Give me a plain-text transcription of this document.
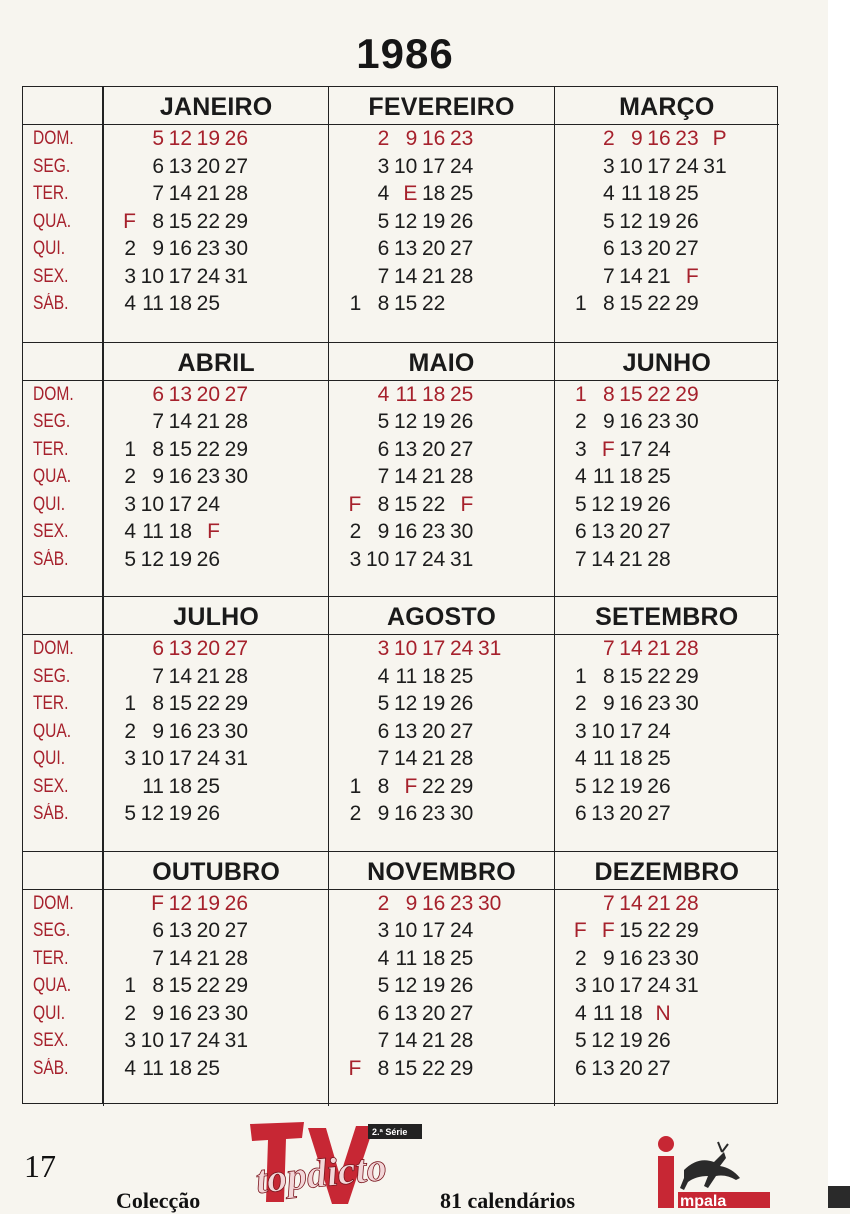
1986
DOM.
SEG.
TER.
QUA.
QUI.
SEX.
SÁB.
JANEIRO
5 12 19 26
6 13 20 27
7 14 21 28
F 8 15 22 29
2 9 16 23 30
3 10 17 24 31
4 11 18 25
FEVEREIRO
2 9 16 23
3 10 17 24
4 E 18 25
5 12 19 26
6 13 20 27
7 14 21 28
1 8 15 22
MARÇO
2 9 16 23 P
3 10 17 24 31
4 11 18 25
5 12 19 26
6 13 20 27
7 14 21 F
1 8 15 22 29
DOM.
SEG.
TER.
QUA.
QUI.
SEX.
SÁB.
ABRIL
6 13 20 27
7 14 21 28
1 8 15 22 29
2 9 16 23 30
3 10 17 24
4 11 18 F
5 12 19 26
MAIO
4 11 18 25
5 12 19 26
6 13 20 27
7 14 21 28
F 8 15 22 F
2 9 16 23 30
3 10 17 24 31
JUNHO
1 8 15 22 29
2 9 16 23 30
3 F 17 24
4 11 18 25
5 12 19 26
6 13 20 27
7 14 21 28
DOM.
SEG.
TER.
QUA.
QUI.
SEX.
SÁB.
JULHO
6 13 20 27
7 14 21 28
1 8 15 22 29
2 9 16 23 30
3 10 17 24 31
11 18 25
5 12 19 26
AGOSTO
3 10 17 24 31
4 11 18 25
5 12 19 26
6 13 20 27
7 14 21 28
1 8 F 22 29
2 9 16 23 30
SETEMBRO
7 14 21 28
1 8 15 22 29
2 9 16 23 30
3 10 17 24
4 11 18 25
5 12 19 26
6 13 20 27
DOM.
SEG.
TER.
QUA.
QUI.
SEX.
SÁB.
OUTUBRO
F 12 19 26
6 13 20 27
7 14 21 28
1 8 15 22 29
2 9 16 23 30
3 10 17 24 31
4 11 18 25
NOVEMBRO
2 9 16 23 30
3 10 17 24
4 11 18 25
5 12 19 26
6 13 20 27
7 14 21 28
F 8 15 22 29
DEZEMBRO
7 14 21 28
F F 15 22 29
2 9 16 23 30
3 10 17 24 31
4 11 18 N
5 12 19 26
6 13 20 27
17
2.ª Série
topdicto	mpala
Colecção	81 calendários
